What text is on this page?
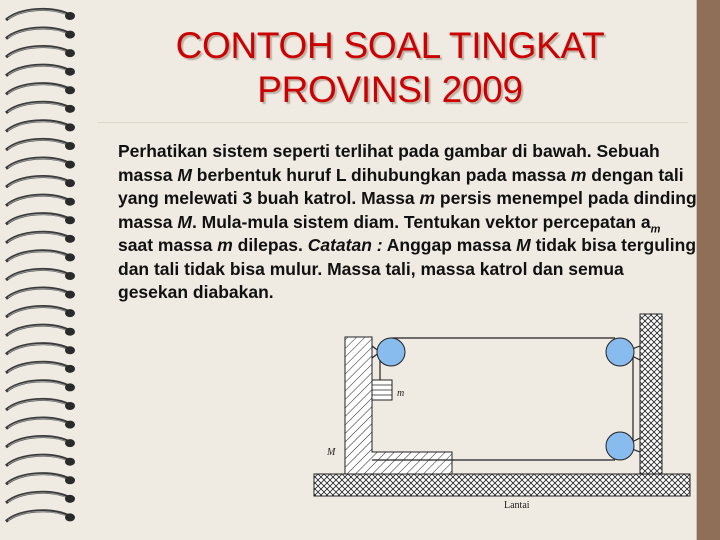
CONTOH SOAL TINGKAT
PROVINSI 2009

Perhatikan sistem seperti terlihat pada gambar di bawah. Sebuah massa M berbentuk huruf L dihubungkan pada massa m dengan tali yang melewati 3 buah katrol. Massa m persis menempel pada dinding massa M. Mula-mula sistem diam. Tentukan vektor percepatan $a_m$ saat massa m dilepas. Catatan : Anggap massa M tidak bisa terguling dan tali tidak bisa mulur. Massa tali, massa katrol dan semua gesekan diabakan.

m
M
Lantai
